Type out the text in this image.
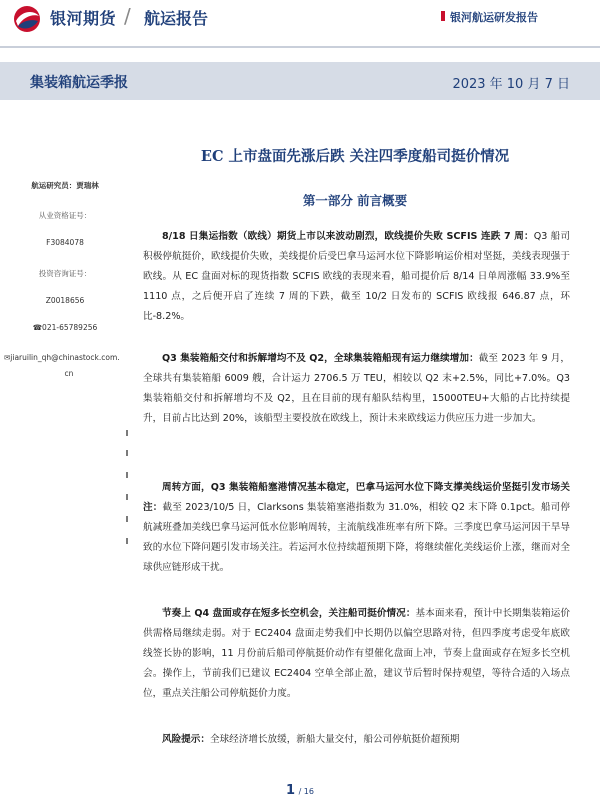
银河期货 / 航运报告	银河航运研发报告
集装箱航运季报	2023 年 10 月 7 日
航运研究员：贾瑞林
从业资格证号：
F3084078
投资咨询证号：
Z0018656
☎021-65789256
✉jiaruilin_qh@chinastock.com.
cn
EC 上市盘面先涨后跌 关注四季度船司挺价情况
第一部分 前言概要
8/18 日集运指数（欧线）期货上市以来波动剧烈，欧线提价失败 SCFIS 连跌 7 周：Q3 船司积极停航挺价，欧线提价失败，美线提价后受巴拿马运河水位下降影响运价相对坚挺，美线表现强于欧线。从 EC 盘面对标的现货指数 SCFIS 欧线的表现来看，船司提价后 8/14 日单周涨幅 33.9%至 1110 点，之后便开启了连续 7 周的下跌，截至 10/2 日发布的 SCFIS 欧线报 646.87 点，环比-8.2%。
Q3 集装箱船交付和拆解增均不及 Q2，全球集装箱船现有运力继续增加：截至 2023 年 9 月，全球共有集装箱船 6009 艘，合计运力 2706.5 万 TEU，相较以 Q2 末+2.5%，同比+7.0%。Q3 集装箱船交付和拆解增均不及 Q2，且在目前的现有船队结构里，15000TEU+大船的占比持续提升，目前占比达到 20%，该船型主要投放在欧线上，预计未来欧线运力供应压力进一步加大。
周转方面，Q3 集装箱船塞港情况基本稳定，巴拿马运河水位下降支撑美线运价坚挺引发市场关注：截至 2023/10/5 日，Clarksons 集装箱塞港指数为 31.0%，相较 Q2 末下降 0.1pct。船司停航减班叠加美线巴拿马运河低水位影响周转，主流航线准班率有所下降。三季度巴拿马运河因干旱导致的水位下降问题引发市场关注。若运河水位持续超预期下降，将继续催化美线运价上涨，继而对全球供应链形成干扰。
节奏上 Q4 盘面或存在短多长空机会，关注船司挺价情况：基本面来看，预计中长期集装箱运价供需格局继续走弱。对于 EC2404 盘面走势我们中长期仍以偏空思路对待，但四季度考虑受年底欧线签长协的影响，11 月份前后船司停航挺价动作有望催化盘面上冲，节奏上盘面或存在短多长空机会。操作上，节前我们已建议 EC2404 空单全部止盈，建议节后暂时保持观望，等待合适的入场点位，重点关注船公司停航挺价力度。
风险提示：全球经济增长放缓，新船大量交付，船公司停航挺价超预期
1 / 16
